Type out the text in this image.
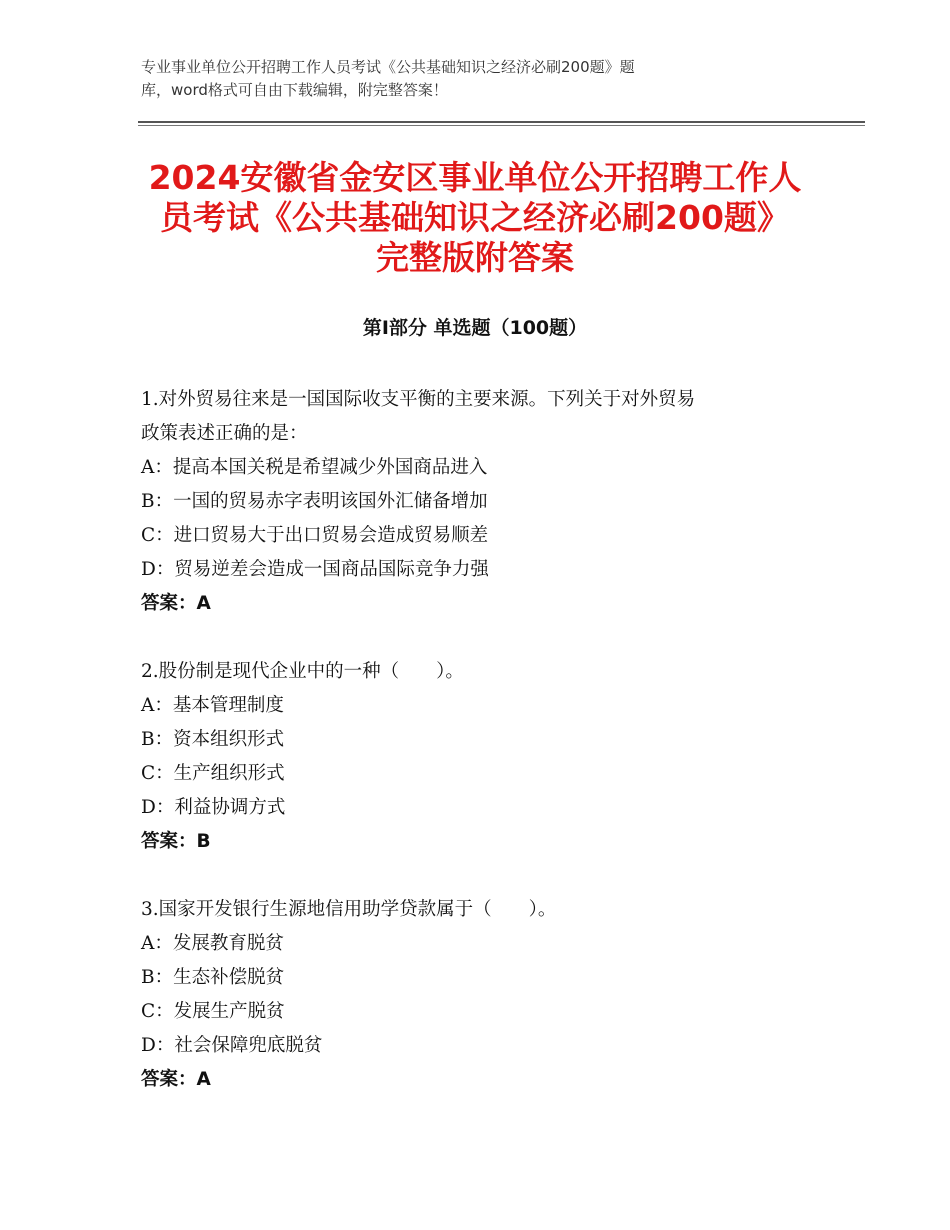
专业事业单位公开招聘工作人员考试《公共基础知识之经济必刷200题》题
库，word格式可自由下载编辑，附完整答案！
2024安徽省金安区事业单位公开招聘工作人
员考试《公共基础知识之经济必刷200题》
完整版附答案
第Ⅰ部分 单选题（100题）
1.对外贸易往来是一国国际收支平衡的主要来源。下列关于对外贸易
政策表述正确的是：
A：提高本国关税是希望减少外国商品进入
B：一国的贸易赤字表明该国外汇储备增加
C：进口贸易大于出口贸易会造成贸易顺差
D：贸易逆差会造成一国商品国际竞争力强
答案：A
2.股份制是现代企业中的一种（　　）。
A：基本管理制度
B：资本组织形式
C：生产组织形式
D：利益协调方式
答案：B
3.国家开发银行生源地信用助学贷款属于（　　）。
A：发展教育脱贫
B：生态补偿脱贫
C：发展生产脱贫
D：社会保障兜底脱贫
答案：A
